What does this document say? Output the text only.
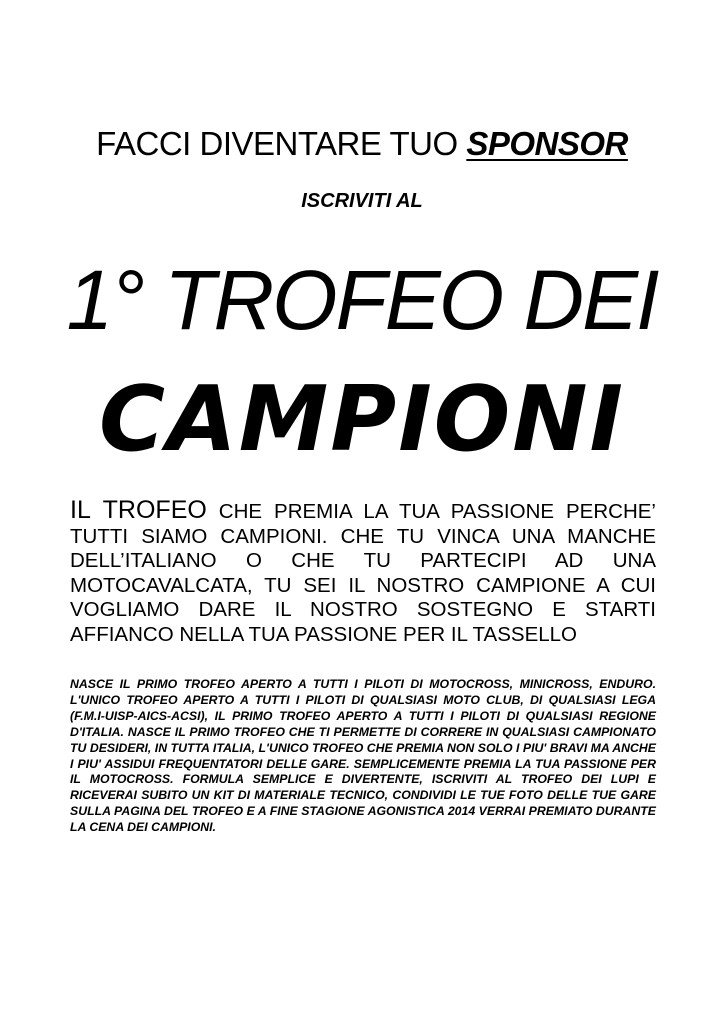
FACCI DIVENTARE TUO SPONSOR
ISCRIVITI AL
1° TROFEO DEI
CAMPIONI
IL TROFEO CHE PREMIA LA TUA PASSIONE PERCHE’ TUTTI SIAMO CAMPIONI. CHE TU VINCA UNA MANCHE DELL’ITALIANO O CHE TU PARTECIPI AD UNA MOTOCAVALCATA, TU SEI IL NOSTRO CAMPIONE A CUI VOGLIAMO DARE IL NOSTRO SOSTEGNO E STARTI AFFIANCO NELLA TUA PASSIONE PER IL TASSELLO
NASCE IL PRIMO TROFEO APERTO A TUTTI I PILOTI DI MOTOCROSS, MINICROSS, ENDURO. L'UNICO TROFEO APERTO A TUTTI I PILOTI DI QUALSIASI MOTO CLUB, DI QUALSIASI LEGA (F.M.I-UISP-AICS-ACSI), IL PRIMO TROFEO APERTO A TUTTI I PILOTI DI QUALSIASI REGIONE D'ITALIA. NASCE IL PRIMO TROFEO CHE TI PERMETTE DI CORRERE IN QUALSIASI CAMPIONATO TU DESIDERI, IN TUTTA ITALIA, L'UNICO TROFEO CHE PREMIA NON SOLO I PIU' BRAVI MA ANCHE I PIU' ASSIDUI FREQUENTATORI DELLE GARE. SEMPLICEMENTE PREMIA LA TUA PASSIONE PER IL MOTOCROSS. FORMULA SEMPLICE E DIVERTENTE, ISCRIVITI AL TROFEO DEI LUPI E RICEVERAI SUBITO UN KIT DI MATERIALE TECNICO, CONDIVIDI LE TUE FOTO DELLE TUE GARE SULLA PAGINA DEL TROFEO E A FINE STAGIONE AGONISTICA 2014 VERRAI PREMIATO DURANTE LA CENA DEI CAMPIONI.
